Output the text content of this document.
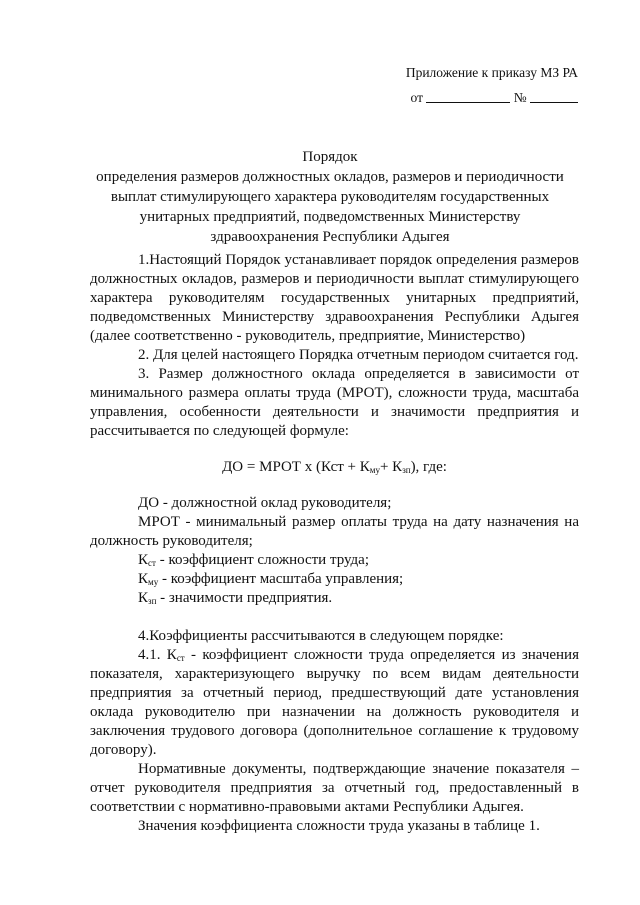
Приложение к приказу МЗ РА
от	№
Порядок
определения размеров должностных окладов, размеров и периодичности
выплат стимулирующего характера руководителям государственных
унитарных предприятий, подведомственных Министерству
здравоохранения Республики Адыгея

1.Настоящий Порядок устанавливает порядок определения размеров должностных окладов, размеров и периодичности выплат стимулирующего характера руководителям государственных унитарных предприятий, подведомственных Министерству здравоохранения Республики Адыгея (далее соответственно - руководитель, предприятие, Министерство)

2. Для целей настоящего Порядка отчетным периодом считается год.

3. Размер должностного оклада определяется в зависимости от минимального размера оплаты труда (МРОТ), сложности труда, масштаба управления, особенности деятельности и значимости предприятия и рассчитывается по следующей формуле:

ДО = МРОТ х $(Кст + К_{му}+ К_{зп})$, где:

ДО - должностной оклад руководителя;

МРОТ - минимальный размер оплаты труда на дату назначения на должность руководителя;

$К_{ст}$ - коэффициент сложности труда;

$К_{му}$ - коэффициент масштаба управления;

$К_{зп}$ - значимости предприятия.

4.Коэффициенты рассчитываются в следующем порядке:

4.1. $К_{ст}$ - коэффициент сложности труда определяется из значения показателя, характеризующего выручку по всем видам деятельности предприятия за отчетный период, предшествующий дате установления оклада руководителю при назначении на должность руководителя и заключения трудового договора (дополнительное соглашение к трудовому договору).

Нормативные документы, подтверждающие значение показателя – отчет руководителя предприятия за отчетный год, предоставленный в соответствии с нормативно-правовыми актами Республики Адыгея.

Значения коэффициента сложности труда указаны в таблице 1.
